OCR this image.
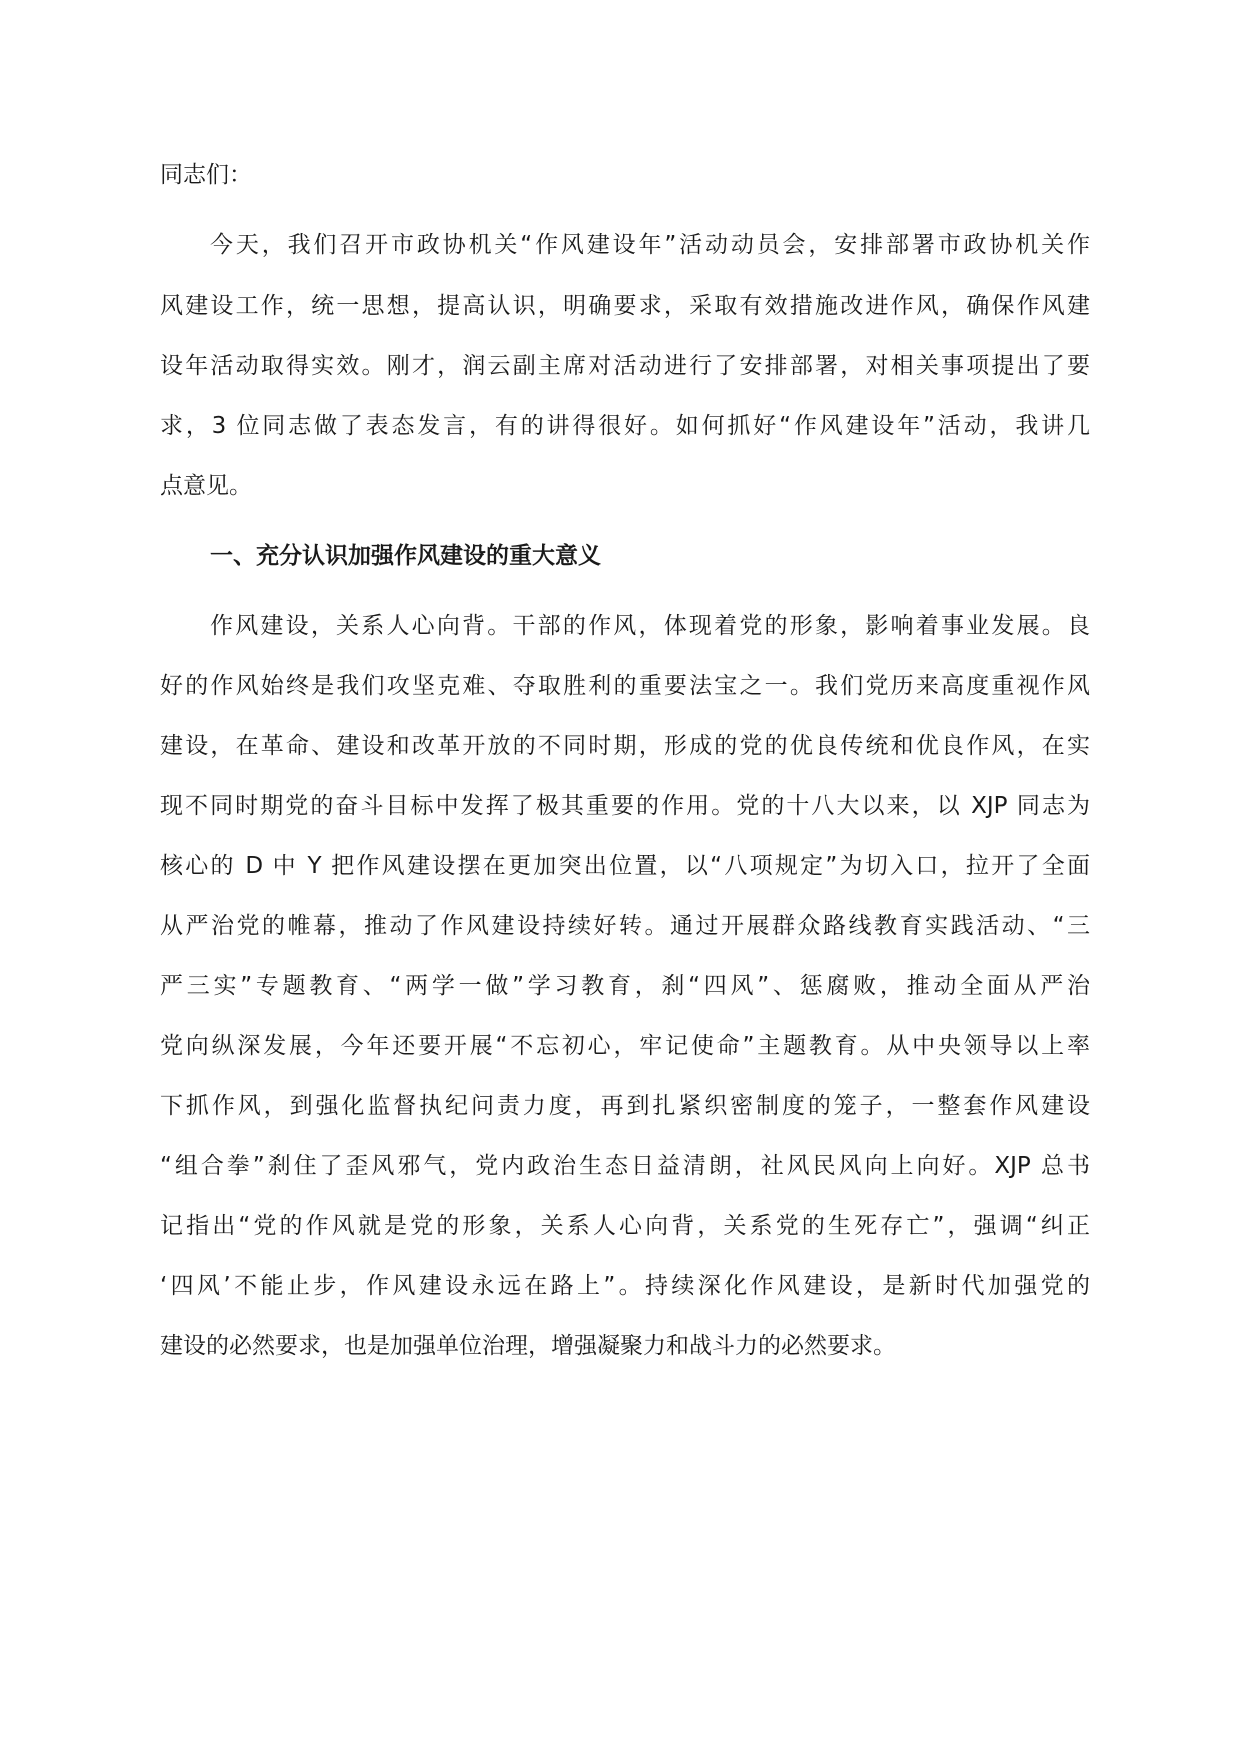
同志们：
今天，我们召开市政协机关“作风建设年”活动动员会，安排部署市政协机关作
风建设工作，统一思想，提高认识，明确要求，采取有效措施改进作风，确保作风建
设年活动取得实效。刚才，润云副主席对活动进行了安排部署，对相关事项提出了要
求，3 位同志做了表态发言，有的讲得很好。如何抓好“作风建设年”活动，我讲几
点意见。
一、充分认识加强作风建设的重大意义
作风建设，关系人心向背。干部的作风，体现着党的形象，影响着事业发展。良
好的作风始终是我们攻坚克难、夺取胜利的重要法宝之一。我们党历来高度重视作风
建设，在革命、建设和改革开放的不同时期，形成的党的优良传统和优良作风，在实
现不同时期党的奋斗目标中发挥了极其重要的作用。党的十八大以来，以 XJP 同志为
核心的 D 中 Y 把作风建设摆在更加突出位置，以“八项规定”为切入口，拉开了全面
从严治党的帷幕，推动了作风建设持续好转。通过开展群众路线教育实践活动、“三
严三实”专题教育、“两学一做”学习教育，刹“四风”、惩腐败，推动全面从严治
党向纵深发展，今年还要开展“不忘初心，牢记使命”主题教育。从中央领导以上率
下抓作风，到强化监督执纪问责力度，再到扎紧织密制度的笼子，一整套作风建设
“组合拳”刹住了歪风邪气，党内政治生态日益清朗，社风民风向上向好。XJP 总书
记指出“党的作风就是党的形象，关系人心向背，关系党的生死存亡”，强调“纠正
‘四风’不能止步，作风建设永远在路上”。持续深化作风建设，是新时代加强党的
建设的必然要求，也是加强单位治理，增强凝聚力和战斗力的必然要求。
